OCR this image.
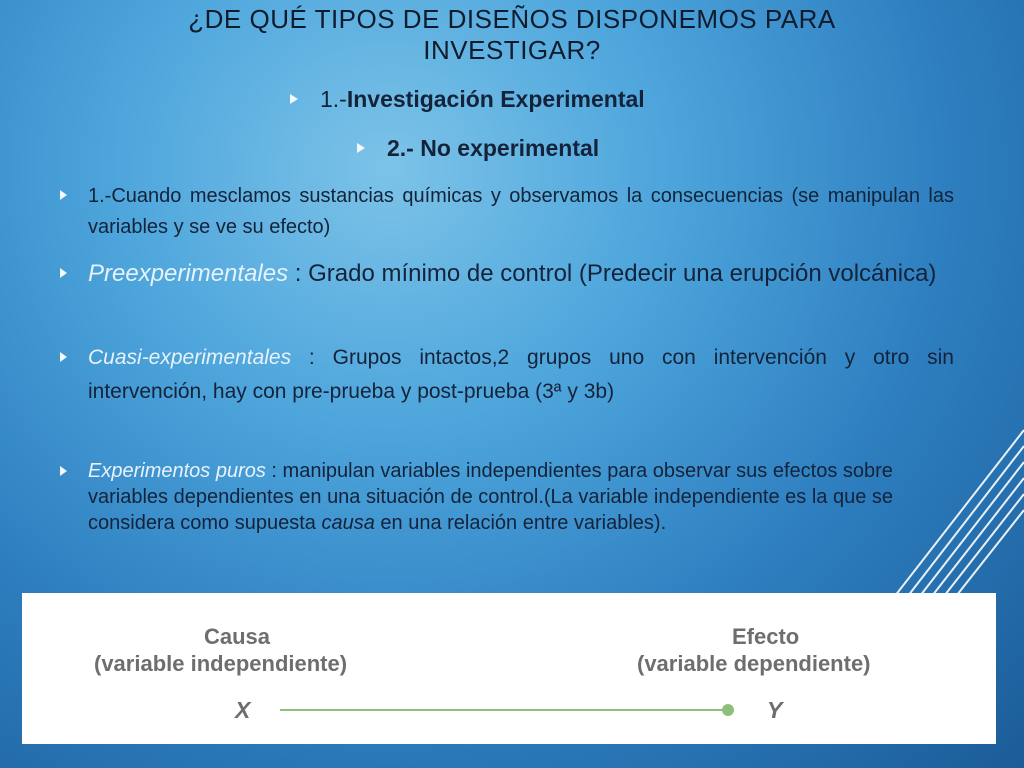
¿DE QUÉ TIPOS DE DISEÑOS DISPONEMOS PARA INVESTIGAR?
1.-Investigación Experimental
2.- No experimental
1.-Cuando mesclamos sustancias químicas y observamos la consecuencias (se manipulan las variables y se ve su efecto)
Preexperimentales : Grado mínimo de control (Predecir una erupción volcánica)
Cuasi-experimentales : Grupos intactos,2 grupos uno con intervención y otro sin intervención, hay con pre-prueba y post-prueba (3ª y 3b)
Experimentos puros : manipulan variables independientes para observar sus efectos sobre variables dependientes en una situación de control.(La variable independiente es la que se considera como supuesta causa en una relación entre variables).
Causa
(variable independiente)
Efecto
(variable dependiente)
X	Y
